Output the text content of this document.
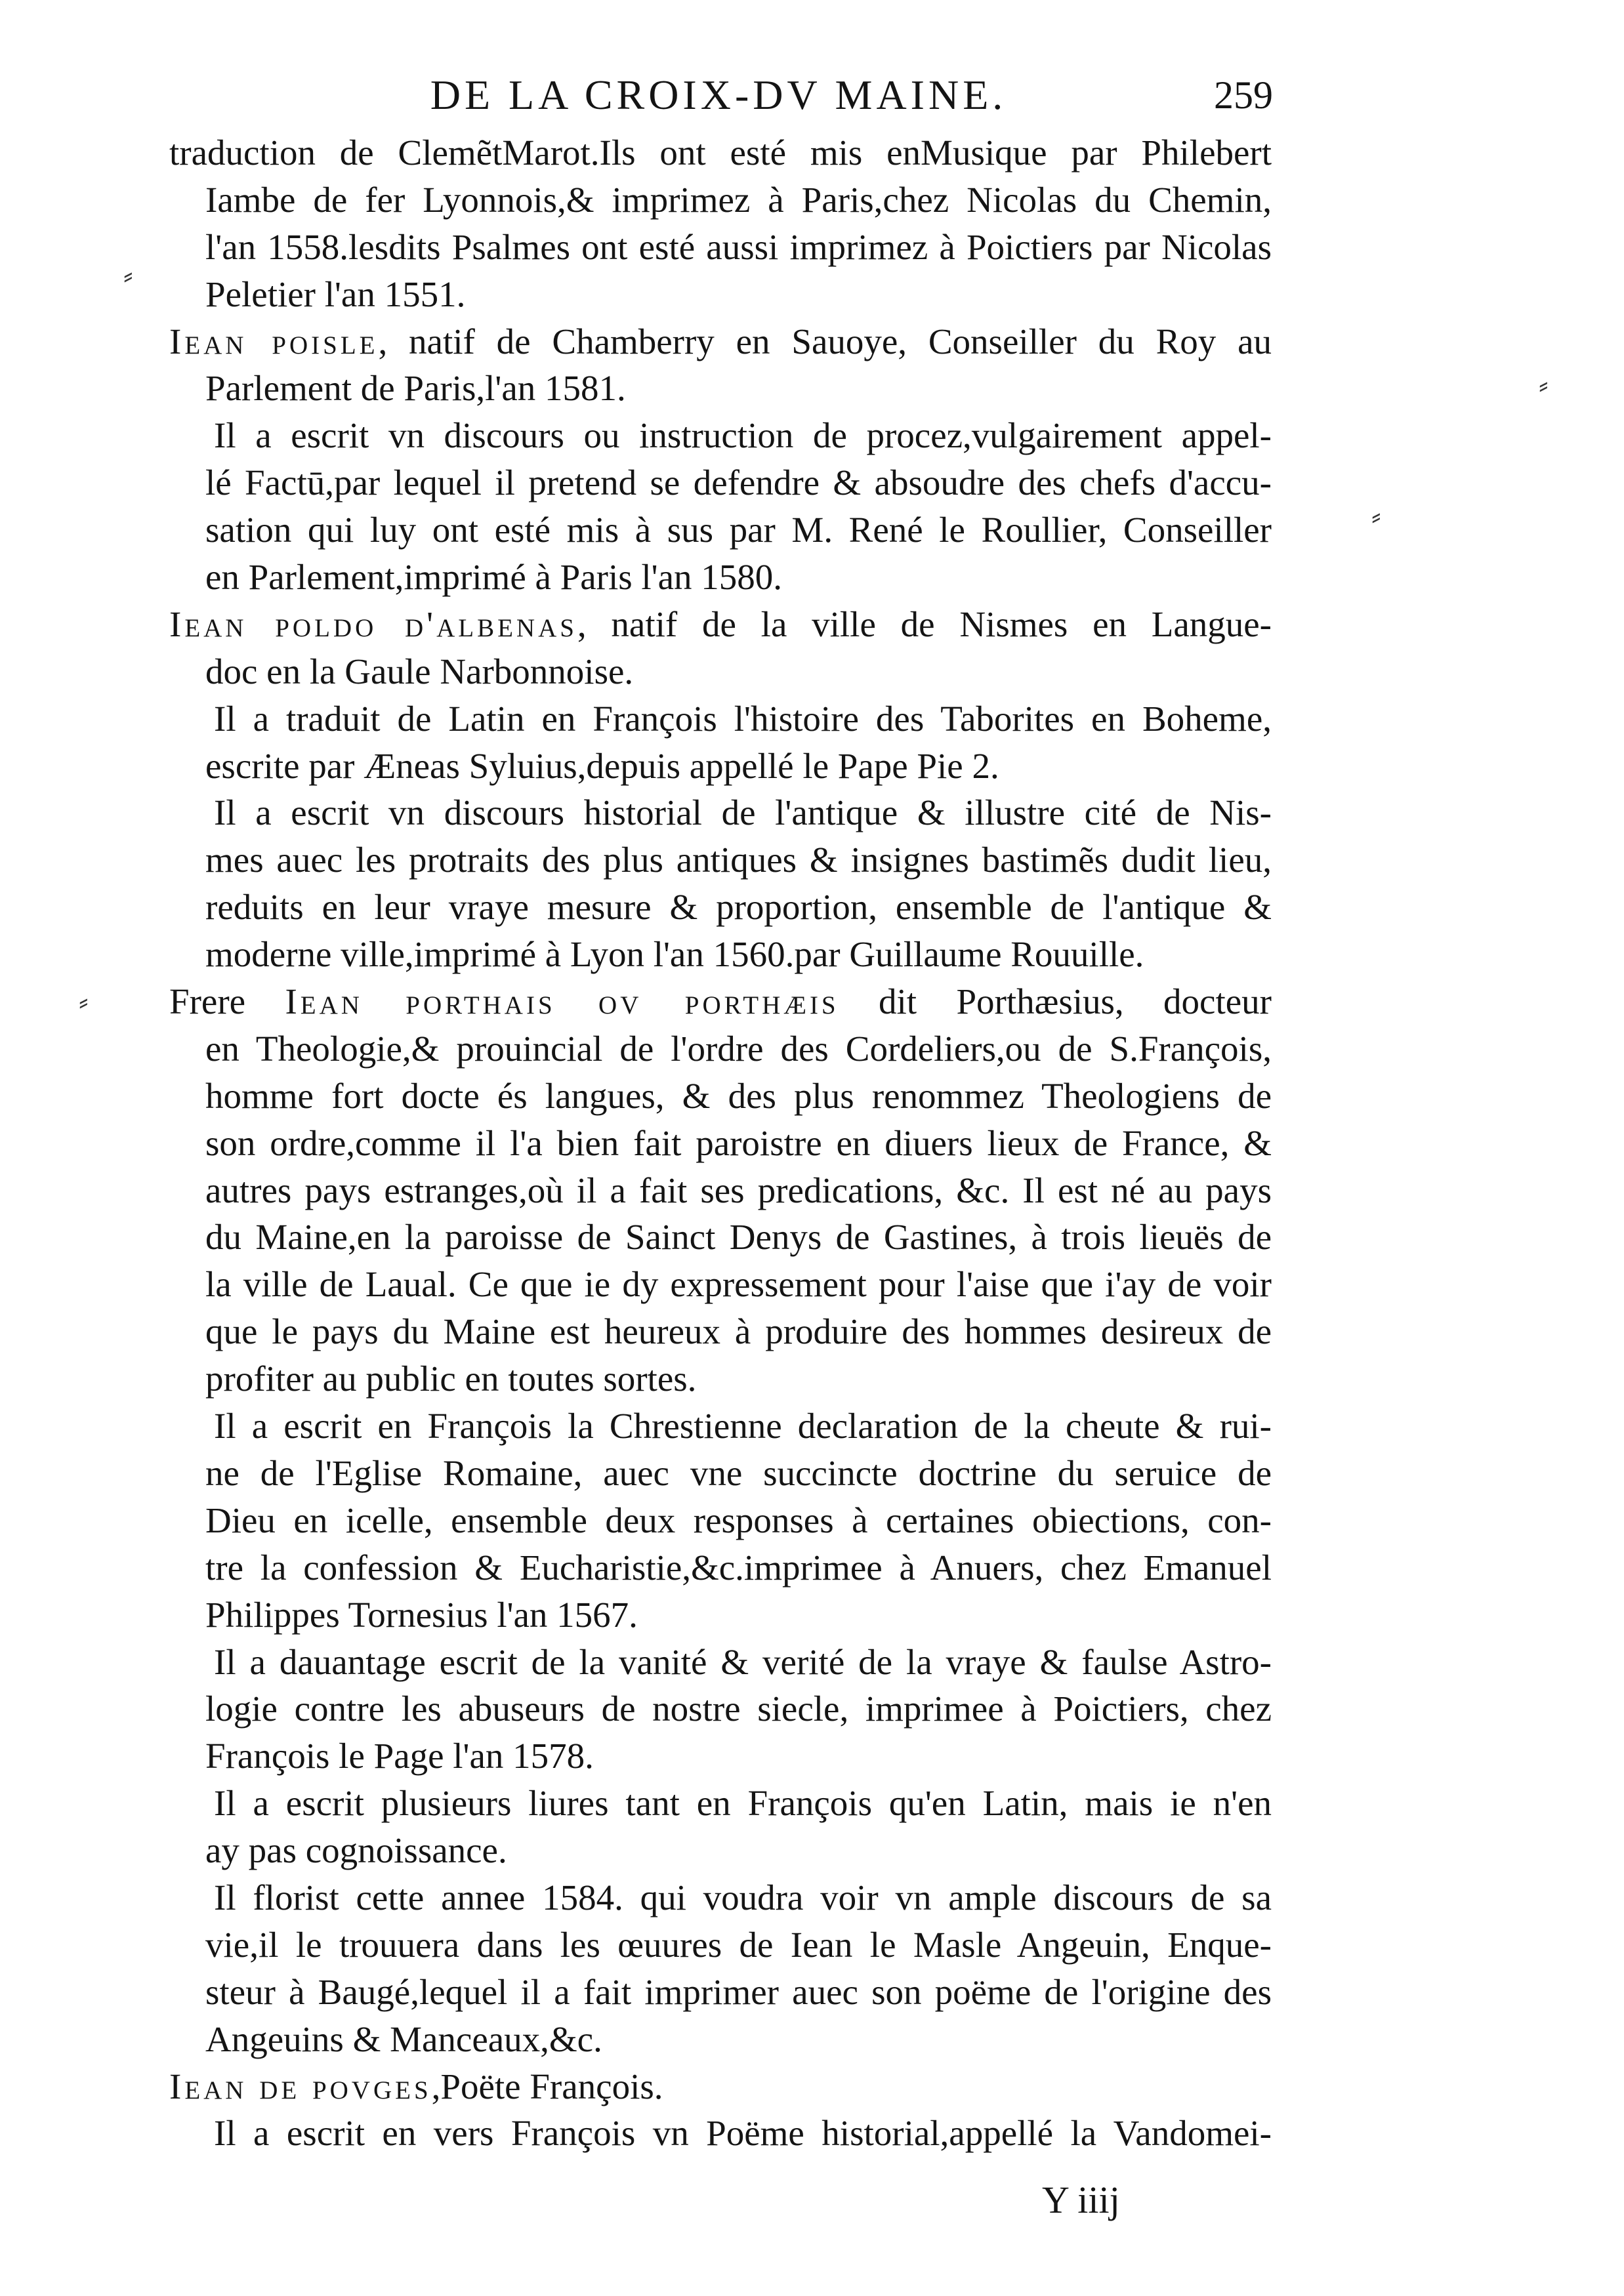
DE LA CROIX-DV MAINE.	259
traduction de ClemẽtMarot.Ils ont esté mis enMusique par Philebert
Iambe de fer Lyonnois,& imprimez à Paris,chez Nicolas du Chemin,
l'an 1558.lesdits Psalmes ont esté aussi imprimez à Poictiers par Nicolas
Peletier l'an 1551.
Iean poisle, natif de Chamberry en Sauoye, Conseiller du Roy au
Parlement de Paris,l'an 1581.
Il a escrit vn discours ou instruction de procez,vulgairement appel-
lé Factū,par lequel il pretend se defendre & absoudre des chefs d'accu-
sation qui luy ont esté mis à sus par M. René le Roullier, Conseiller
en Parlement,imprimé à Paris l'an 1580.
Iean poldo d'albenas, natif de la ville de Nismes en Langue-
doc en la Gaule Narbonnoise.
Il a traduit de Latin en François l'histoire des Taborites en Boheme,
escrite par Æneas Syluius,depuis appellé le Pape Pie 2.
Il a escrit vn discours historial de l'antique & illustre cité de Nis-
mes auec les protraits des plus antiques & insignes bastimẽs dudit lieu,
reduits en leur vraye mesure & proportion, ensemble de l'antique &
moderne ville,imprimé à Lyon l'an 1560.par Guillaume Rouuille.
Frere Iean porthais ov porthæis dit Porthæsius, docteur
en Theologie,& prouincial de l'ordre des Cordeliers,ou de S.François,
homme fort docte és langues, & des plus renommez Theologiens de
son ordre,comme il l'a bien fait paroistre en diuers lieux de France, &
autres pays estranges,où il a fait ses predications, &c. Il est né au pays
du Maine,en la paroisse de Sainct Denys de Gastines, à trois lieuës de
la ville de Laual. Ce que ie dy expressement pour l'aise que i'ay de voir
que le pays du Maine est heureux à produire des hommes desireux de
profiter au public en toutes sortes.
Il a escrit en François la Chrestienne declaration de la cheute & rui-
ne de l'Eglise Romaine, auec vne succincte doctrine du seruice de
Dieu en icelle, ensemble deux responses à certaines obiections, con-
tre la confession & Eucharistie,&c.imprimee à Anuers, chez Emanuel
Philippes Tornesius l'an 1567.
Il a dauantage escrit de la vanité & verité de la vraye & faulse Astro-
logie contre les abuseurs de nostre siecle, imprimee à Poictiers, chez
François le Page l'an 1578.
Il a escrit plusieurs liures tant en François qu'en Latin, mais ie n'en
ay pas cognoissance.
Il florist cette annee 1584. qui voudra voir vn ample discours de sa
vie,il le trouuera dans les œuures de Iean le Masle Angeuin, Enque-
steur à Baugé,lequel il a fait imprimer auec son poëme de l'origine des
Angeuins & Manceaux,&c.
Iean de povges,Poëte François.
Il a escrit en vers François vn Poëme historial,appellé la Vandomei-
Y iiij
⸗
⸗
⸗
⸗
